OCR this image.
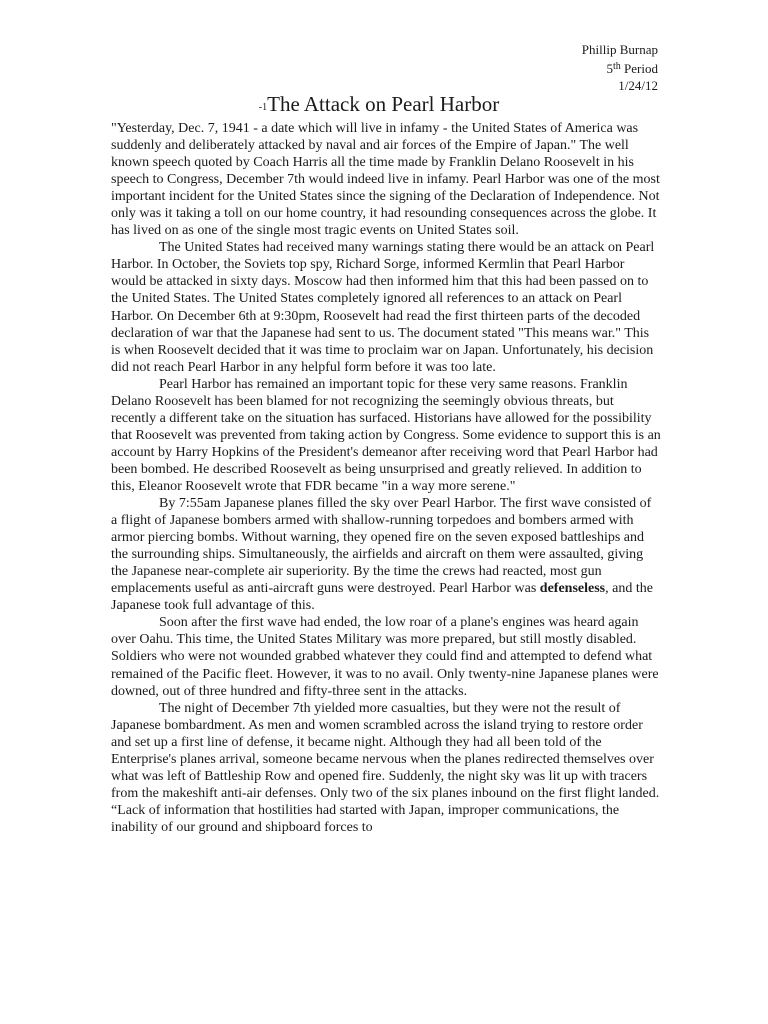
Phillip Burnap
5th Period
1/24/12
-1The Attack on Pearl Harbor

"Yesterday, Dec. 7, 1941 - a date which will live in infamy - the United States of America was suddenly and deliberately attacked by naval and air forces of the Empire of Japan." The well known speech quoted by Coach Harris all the time made by Franklin Delano Roosevelt in his speech to Congress, December 7th would indeed live in infamy. Pearl Harbor was one of the most important incident for the United States since the signing of the Declaration of Independence. Not only was it taking a toll on our home country, it had resounding consequences across the globe. It has lived on as one of the single most tragic events on United States soil.

The United States had received many warnings stating there would be an attack on Pearl Harbor. In October, the Soviets top spy, Richard Sorge, informed Kermlin that Pearl Harbor would be attacked in sixty days. Moscow had then informed him that this had been passed on to the United States. The United States completely ignored all references to an attack on Pearl Harbor. On December 6th at 9:30pm, Roosevelt had read the first thirteen parts of the decoded declaration of war that the Japanese had sent to us. The document stated "This means war." This is when Roosevelt decided that it was time to proclaim war on Japan. Unfortunately, his decision did not reach Pearl Harbor in any helpful form before it was too late.

Pearl Harbor has remained an important topic for these very same reasons. Franklin Delano Roosevelt has been blamed for not recognizing the seemingly obvious threats, but recently a different take on the situation has surfaced. Historians have allowed for the possibility that Roosevelt was prevented from taking action by Congress. Some evidence to support this is an account by Harry Hopkins of the President's demeanor after receiving word that Pearl Harbor had been bombed. He described Roosevelt as being unsurprised and greatly relieved. In addition to this, Eleanor Roosevelt wrote that FDR became "in a way more serene."

By 7:55am Japanese planes filled the sky over Pearl Harbor. The first wave consisted of a flight of Japanese bombers armed with shallow-running torpedoes and bombers armed with armor piercing bombs. Without warning, they opened fire on the seven exposed battleships and the surrounding ships. Simultaneously, the airfields and aircraft on them were assaulted, giving the Japanese near-complete air superiority. By the time the crews had reacted, most gun emplacements useful as anti-aircraft guns were destroyed. Pearl Harbor was defenseless, and the Japanese took full advantage of this.

Soon after the first wave had ended, the low roar of a plane's engines was heard again over Oahu. This time, the United States Military was more prepared, but still mostly disabled. Soldiers who were not wounded grabbed whatever they could find and attempted to defend what remained of the Pacific fleet. However, it was to no avail. Only twenty-nine Japanese planes were downed, out of three hundred and fifty-three sent in the attacks.

The night of December 7th yielded more casualties, but they were not the result of Japanese bombardment. As men and women scrambled across the island trying to restore order and set up a first line of defense, it became night. Although they had all been told of the Enterprise's planes arrival, someone became nervous when the planes redirected themselves over what was left of Battleship Row and opened fire. Suddenly, the night sky was lit up with tracers from the makeshift anti-air defenses. Only two of the six planes inbound on the first flight landed. “Lack of information that hostilities had started with Japan, improper communications, the inability of our ground and shipboard forces to
